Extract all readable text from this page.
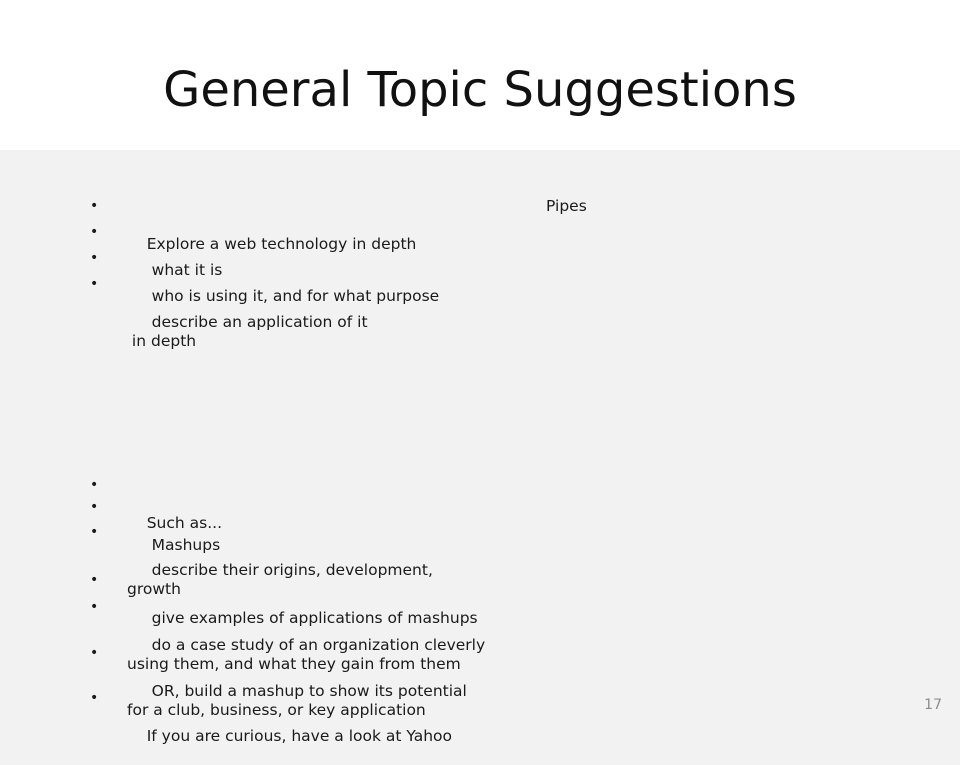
General Topic Suggestions

•

Explore a web technology in depth

•

what it is

•

who is using it, and for what purpose

•

describe an application of it
in depth

•

Such as...

•

Mashups

•

describe their origins, development,
growth

•

give examples of applications of mashups

•

do a case study of an organization cleverly
using them, and what they gain from them

•

OR, build a mashup to show its potential
for a club, business, or key application

•

If you are curious, have a look at Yahoo

Pipes
17
